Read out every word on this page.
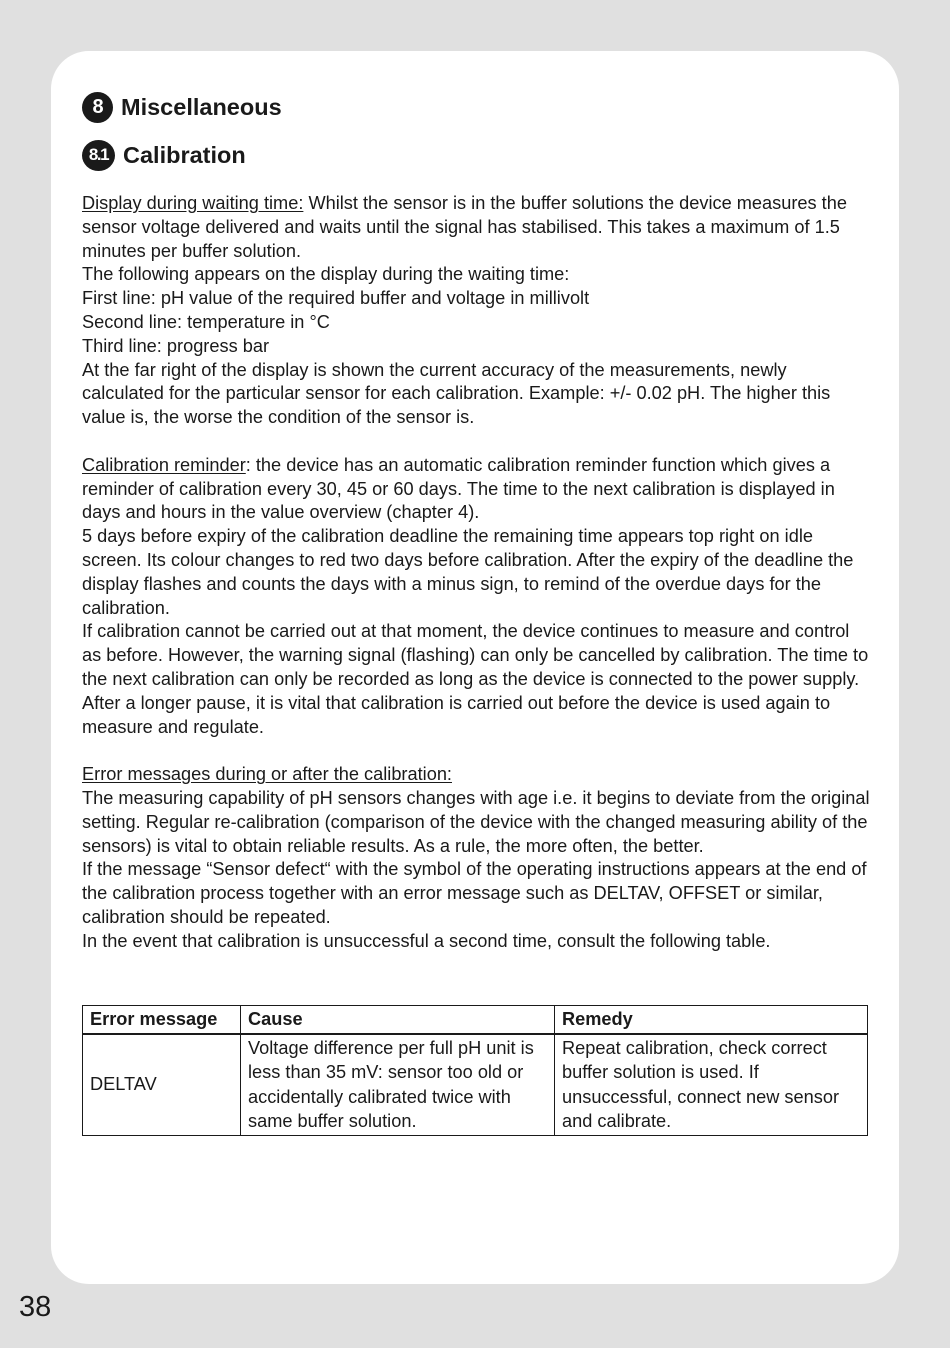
8 Miscellaneous
8.1 Calibration

Display during waiting time: Whilst the sensor is in the buffer solutions the device measures the sensor voltage delivered and waits until the signal has stabilised. This takes a maximum of 1.5 minutes per buffer solution.

The following appears on the display during the waiting time:

First line: pH value of the required buffer and voltage in millivolt

Second line: temperature in °C

Third line: progress bar

At the far right of the display is shown the current accuracy of the measurements, newly calculated for the particular sensor for each calibration. Example: +/- 0.02 pH. The higher this value is, the worse the condition of the sensor is.

Calibration reminder: the device has an automatic calibration reminder function which gives a reminder of calibration every 30, 45 or 60 days. The time to the next calibration is displayed in days and hours in the value overview (chapter 4).

5 days before expiry of the calibration deadline the remaining time appears top right on idle screen. Its colour changes to red two days before calibration. After the expiry of the deadline the display flashes and counts the days with a minus sign, to remind of the overdue days for the calibration.

If calibration cannot be carried out at that moment, the device continues to measure and control as before. However, the warning signal (flashing) can only be cancelled by calibration. The time to the next calibration can only be recorded as long as the device is connected to the power supply. After a longer pause, it is vital that calibration is carried out before the device is used again to measure and regulate.

Error messages during or after the calibration:

The measuring capability of pH sensors changes with age i.e. it begins to deviate from the original setting. Regular re-calibration (comparison of the device with the changed measuring ability of the sensors) is vital to obtain reliable results. As a rule, the more often, the better.

If the message “Sensor defect“ with the symbol of the operating instructions appears at the end of the calibration process together with an error message such as DELTAV, OFFSET or similar, calibration should be repeated.

In the event that calibration is unsuccessful a second time, consult the following table.

Error message	Cause	Remedy
DELTAV	Voltage difference per full pH unit is less than 35 mV: sensor too old or accidentally calibrated twice with same buffer solution.	Repeat calibration, check correct buffer solution is used. If unsuccessful, connect new sensor and calibrate.
38
